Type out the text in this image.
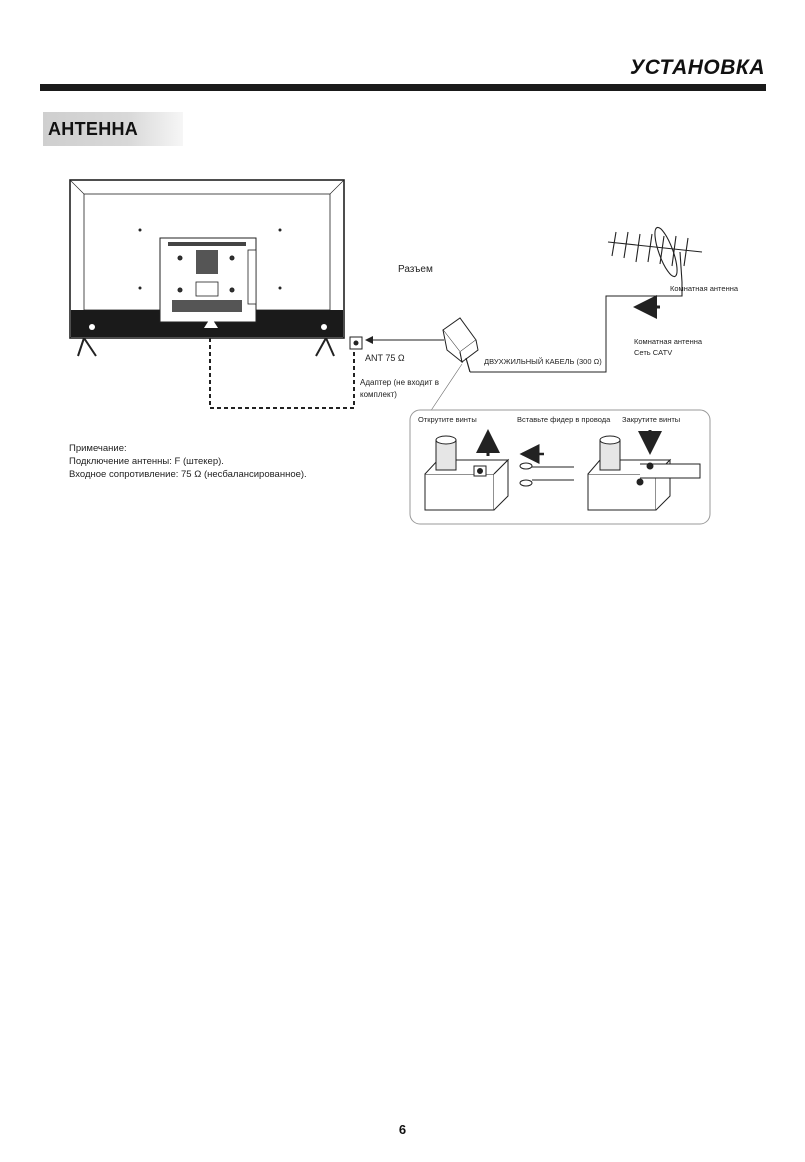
УСТАНОВКА
АНТЕННА
Разъем
Комнатная антенна
Комнатная антенна
Сеть CATV
ANT 75 Ω	ДВУХЖИЛЬНЫЙ КАБЕЛЬ (300 Ω)
Адаптер (не входит в
комплект)
Открутите винты	Вставьте фидер в провода Закрутите винты
Примечание:
Подключение антенны: F (штекер).
Входное сопротивление: 75 Ω (несбалансированное).
6
